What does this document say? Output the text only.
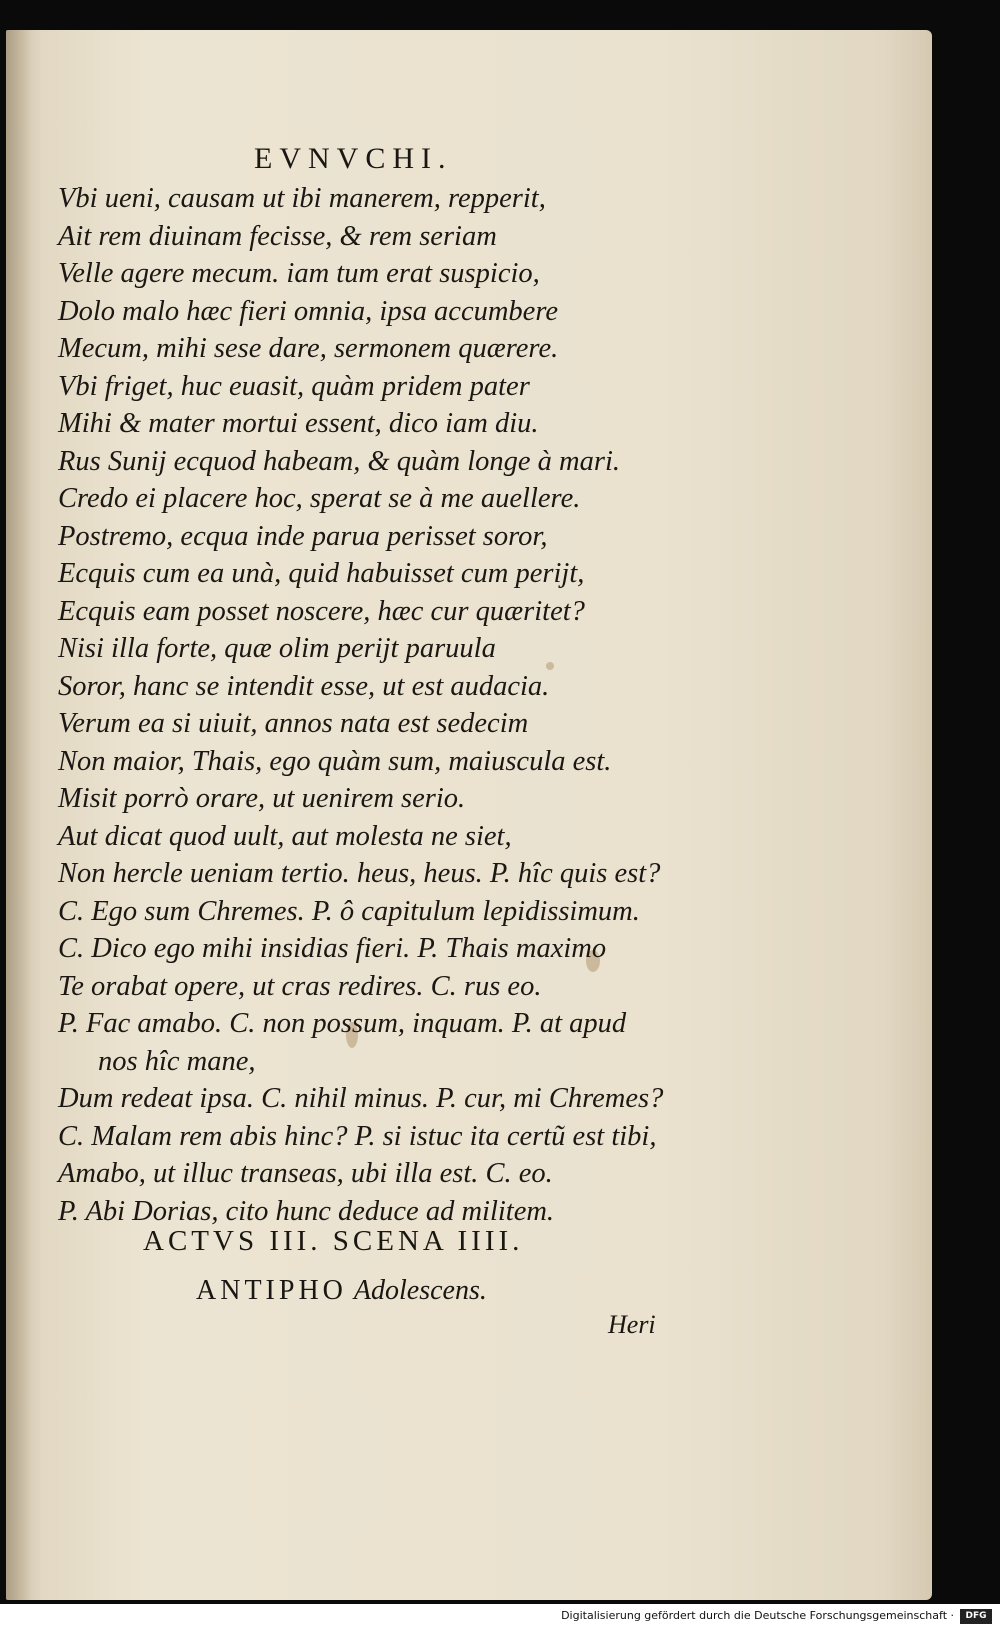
EVNVCHI.
Vbi ueni, causam ut ibi manerem, repperit,
Ait rem diuinam fecisse, & rem seriam
Velle agere mecum. iam tum erat suspicio,
Dolo malo hæc fieri omnia, ipsa accumbere
Mecum, mihi sese dare, sermonem quærere.
Vbi friget, huc euasit, quàm pridem pater
Mihi & mater mortui essent, dico iam diu.
Rus Sunij ecquod habeam, & quàm longe à mari.
Credo ei placere hoc, sperat se à me auellere.
Postremo, ecqua inde parua perisset soror,
Ecquis cum ea unà, quid habuisset cum perijt,
Ecquis eam posset noscere, hæc cur quæritet?
Nisi illa forte, quæ olim perijt paruula
Soror, hanc se intendit esse, ut est audacia.
Verum ea si uiuit, annos nata est sedecim
Non maior, Thais, ego quàm sum, maiuscula est.
Misit porrò orare, ut uenirem serio.
Aut dicat quod uult, aut molesta ne siet,
Non hercle ueniam tertio. heus, heus. P. hîc quis est?
C. Ego sum Chremes. P. ô capitulum lepidissimum.
C. Dico ego mihi insidias fieri. P. Thais maximo
Te orabat opere, ut cras redires. C. rus eo.
P. Fac amabo. C. non possum, inquam. P. at apud
nos hîc mane,
Dum redeat ipsa. C. nihil minus. P. cur, mi Chremes?
C. Malam rem abis hinc? P. si istuc ita certũ est tibi,
Amabo, ut illuc transeas, ubi illa est. C. eo.
P. Abi Dorias, cito hunc deduce ad militem.
ACTVS III. SCENA IIII.
ANTIPHO Adolescens.
Heri
Digitalisierung gefördert durch die Deutsche Forschungsgemeinschaft ·	DFG
